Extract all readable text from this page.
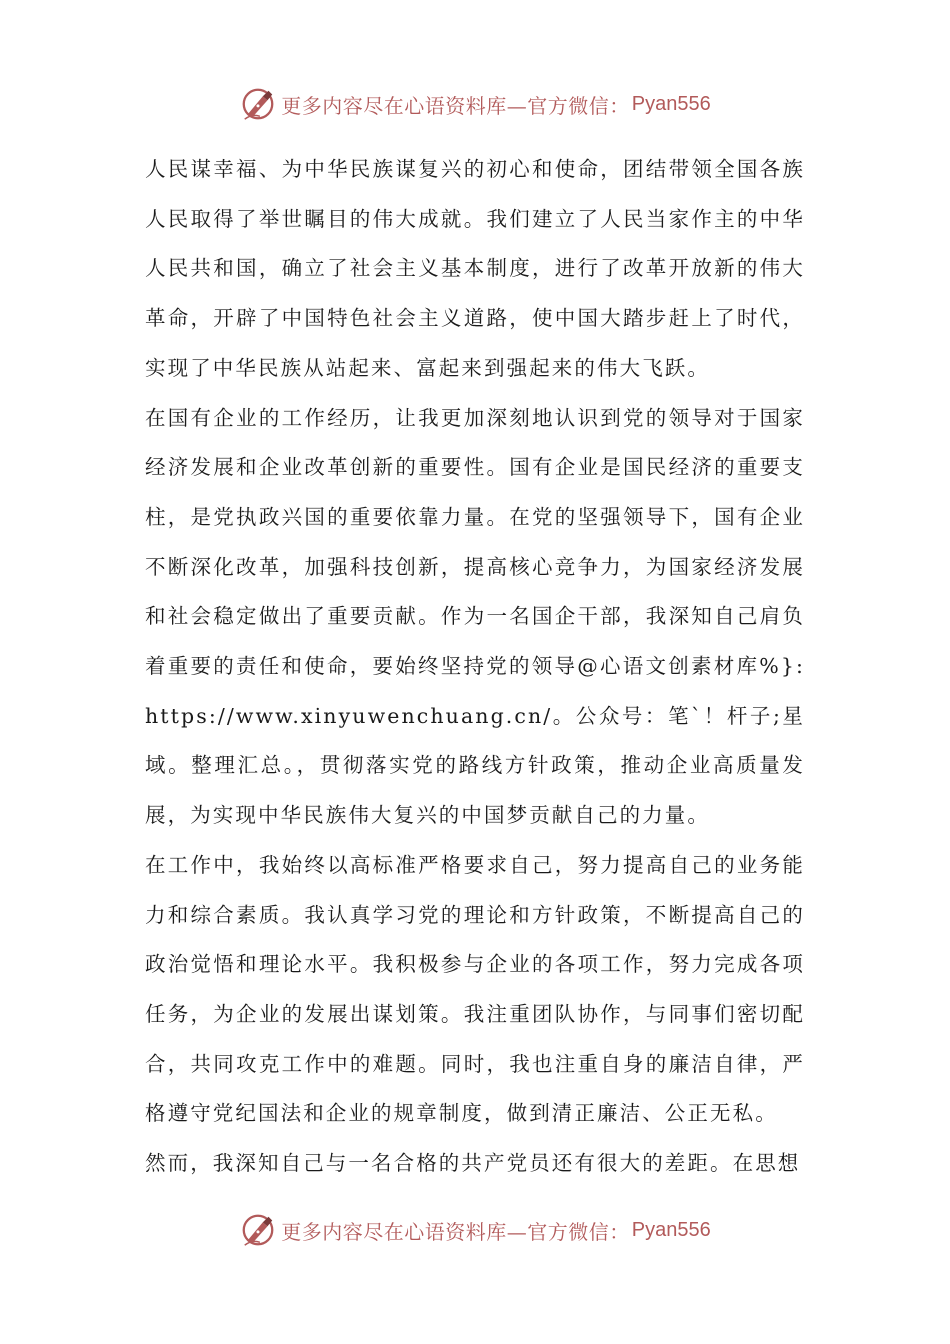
更多内容尽在心语资料库—官方微信： Pyan556

人民谋幸福、为中华民族谋复兴的初心和使命，团结带领全国各族人民取得了举世瞩目的伟大成就。我们建立了人民当家作主的中华人民共和国，确立了社会主义基本制度，进行了改革开放新的伟大革命，开辟了中国特色社会主义道路，使中国大踏步赶上了时代，实现了中华民族从站起来、富起来到强起来的伟大飞跃。

在国有企业的工作经历，让我更加深刻地认识到党的领导对于国家经济发展和企业改革创新的重要性。国有企业是国民经济的重要支柱，是党执政兴国的重要依靠力量。在党的坚强领导下，国有企业不断深化改革，加强科技创新，提高核心竞争力，为国家经济发展和社会稳定做出了重要贡献。作为一名国企干部，我深知自己肩负着重要的责任和使命，要始终坚持党的领导@心语文创素材库%}:https://www.xinyuwenchuang.cn/。公众号：笔`！杆子;星域。整理汇总。，贯彻落实党的路线方针政策，推动企业高质量发展，为实现中华民族伟大复兴的中国梦贡献自己的力量。

在工作中，我始终以高标准严格要求自己，努力提高自己的业务能力和综合素质。我认真学习党的理论和方针政策，不断提高自己的政治觉悟和理论水平。我积极参与企业的各项工作，努力完成各项任务，为企业的发展出谋划策。我注重团队协作，与同事们密切配合，共同攻克工作中的难题。同时，我也注重自身的廉洁自律，严格遵守党纪国法和企业的规章制度，做到清正廉洁、公正无私。

然而，我深知自己与一名合格的共产党员还有很大的差距。在思想

更多内容尽在心语资料库—官方微信： Pyan556
